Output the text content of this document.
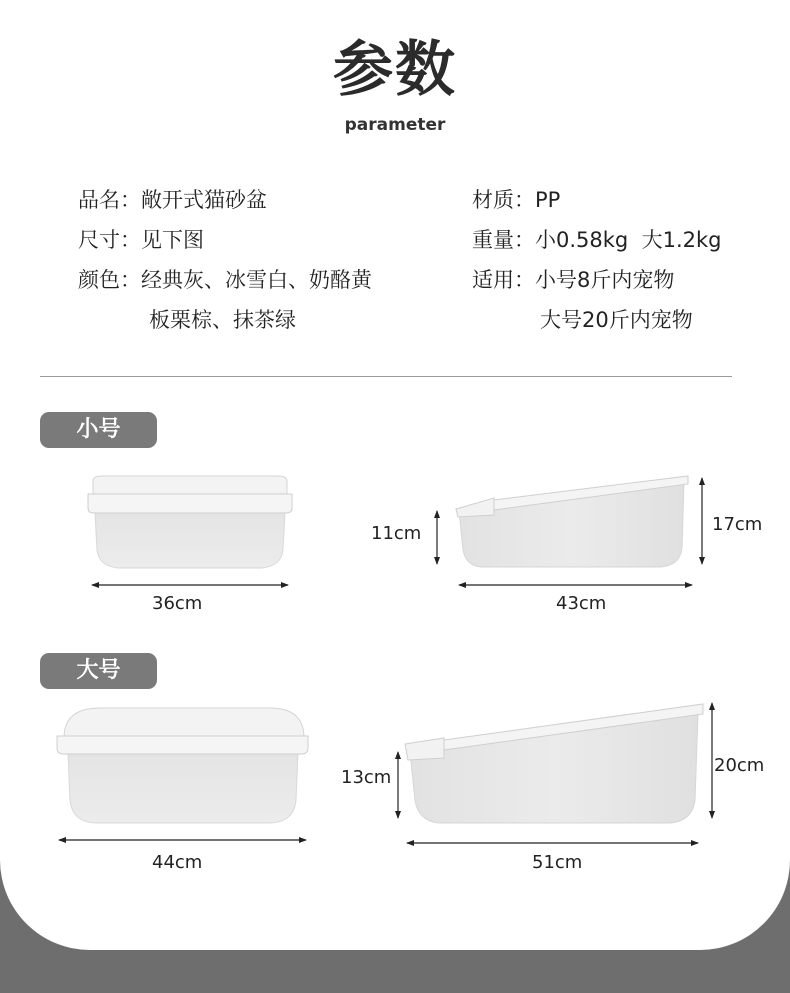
参数
parameter
品名：敞开式猫砂盆
尺寸：见下图
颜色：经典灰、冰雪白、奶酪黄
板栗棕、抹茶绿
材质：PP
重量：小0.58kg  大1.2kg
适用：小号8斤内宠物
大号20斤内宠物
小号
大号
36cm	43cm
11cm	17cm
44cm	51cm
13cm
20cm
